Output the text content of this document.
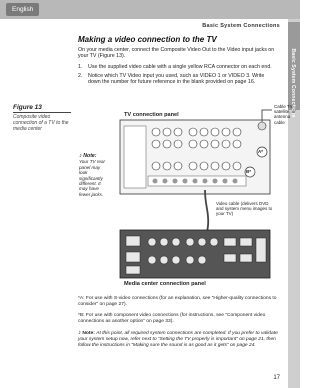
English
Basic System Connections
Basic System Connections
Making a video connection to the TV
On your media center, connect the Composite Video Out to the Video input jacks on your TV (Figure 13).
1. Use the supplied video cable with a single yellow RCA connector on each end.
2. Notice which TV Video input you used, such as VIDEO 1 or VIDEO 3. Write down the number for future reference in the blank provided on page 16.
Figure 13
Composite video connection of a TV to the media center
♪ Note:
Your TV rear panel may look significantly different. It may have fewer jacks.
TV connection panel
Media center connection panel
Cable TV, satellite, or antenna cable
A*
B*
Video cable (delivers DVD and system menu images to your TV)
*A: For use with S-video connections (for an explanation, see “Higher-quality connections to consider” on page 27).
*B: For use with component video connections (for instructions, see “Component video connections as another option” on page 33).
♪ Note: At this point, all required system connections are completed. If you prefer to validate your system setup now, refer next to “Setting the TV properly is important” on page 21, then follow the instructions in “Making sure the sound is as good as it gets” on page 24.
17
